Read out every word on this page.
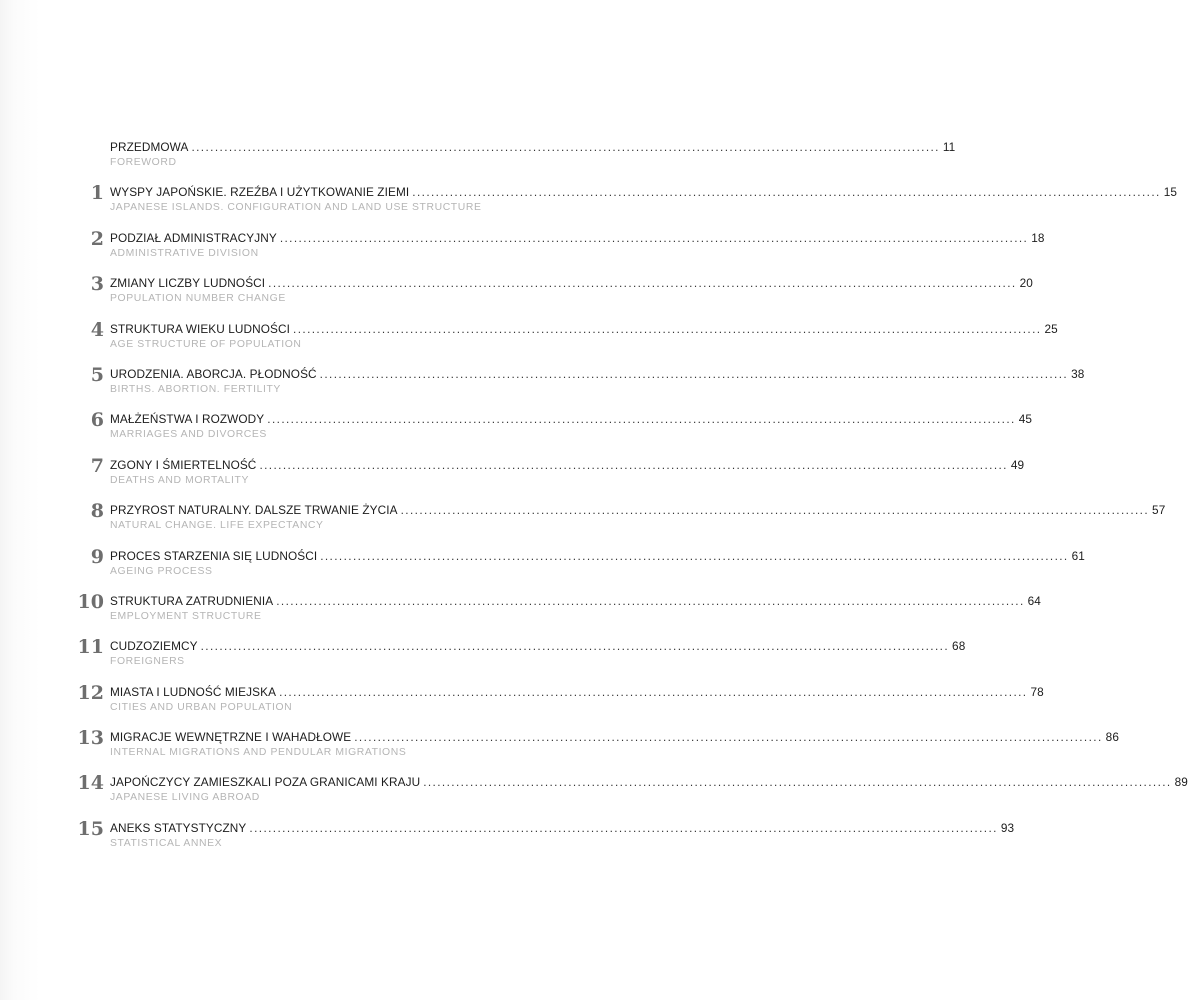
PRZEDMOWA ................................................................................................................................................................ 11
FOREWORD
1 WYSPY JAPOŃSKIE. RZEŹBA I UŻYTKOWANIE ZIEMI ................................................................................................................................................................ 15
JAPANESE ISLANDS. CONFIGURATION AND LAND USE STRUCTURE
2 PODZIAŁ ADMINISTRACYJNY ................................................................................................................................................................ 18
ADMINISTRATIVE DIVISION
3 ZMIANY LICZBY LUDNOŚCI ................................................................................................................................................................ 20
POPULATION NUMBER CHANGE
4 STRUKTURA WIEKU LUDNOŚCI ................................................................................................................................................................ 25
AGE STRUCTURE OF POPULATION
5 URODZENIA. ABORCJA. PŁODNOŚĆ ................................................................................................................................................................ 38
BIRTHS. ABORTION. FERTILITY
6 MAŁŻEŃSTWA I ROZWODY ................................................................................................................................................................ 45
MARRIAGES AND DIVORCES
7 ZGONY I ŚMIERTELNOŚĆ ................................................................................................................................................................ 49
DEATHS AND MORTALITY
8 PRZYROST NATURALNY. DALSZE TRWANIE ŻYCIA ................................................................................................................................................................ 57
NATURAL CHANGE. LIFE EXPECTANCY
9 PROCES STARZENIA SIĘ LUDNOŚCI ................................................................................................................................................................ 61
AGEING PROCESS
10 STRUKTURA ZATRUDNIENIA ................................................................................................................................................................ 64
EMPLOYMENT STRUCTURE
11 CUDZOZIEMCY ................................................................................................................................................................ 68
FOREIGNERS
12 MIASTA I LUDNOŚĆ MIEJSKA ................................................................................................................................................................ 78
CITIES AND URBAN POPULATION
13 MIGRACJE WEWNĘTRZNE I WAHADŁOWE ................................................................................................................................................................ 86
INTERNAL MIGRATIONS AND PENDULAR MIGRATIONS
14 JAPOŃCZYCY ZAMIESZKALI POZA GRANICAMI KRAJU ................................................................................................................................................................ 89
JAPANESE LIVING ABROAD
15 ANEKS STATYSTYCZNY ................................................................................................................................................................ 93
STATISTICAL ANNEX
